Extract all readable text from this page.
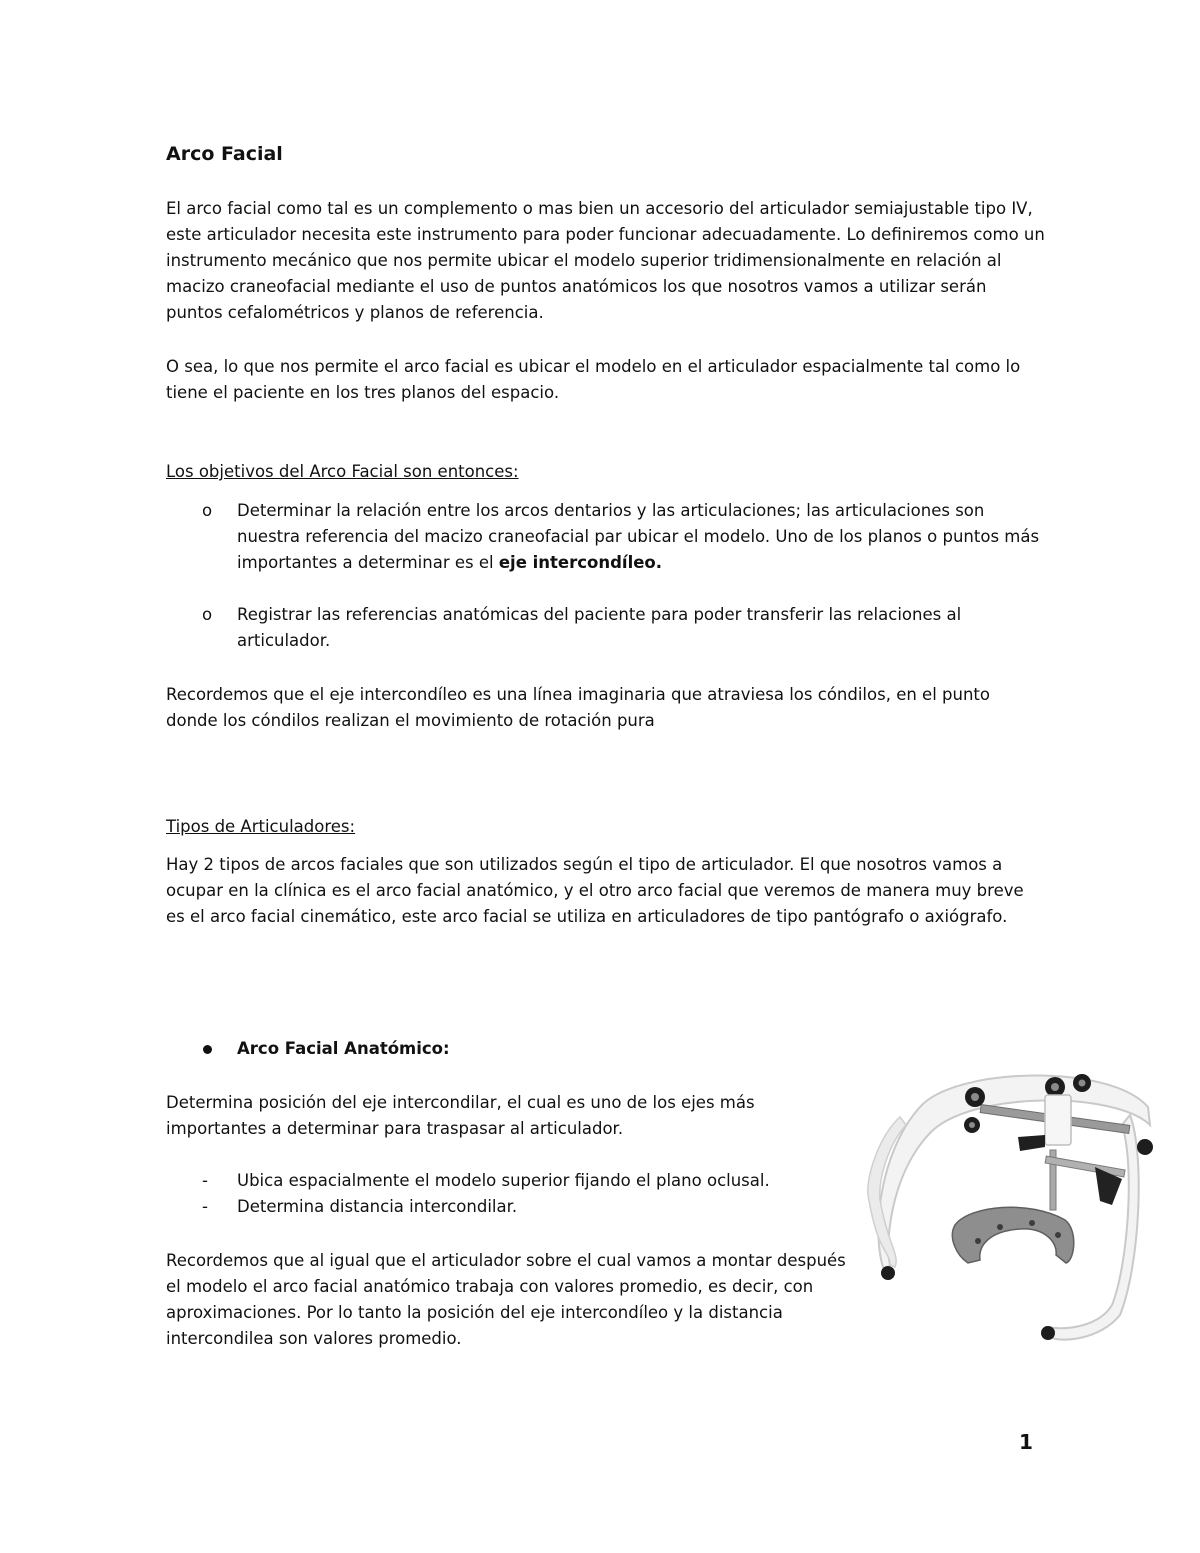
Arco Facial

El arco facial como tal es un complemento o mas bien un accesorio del articulador semiajustable tipo IV, este articulador necesita este instrumento para poder funcionar adecuadamente. Lo definiremos como un instrumento mecánico que nos permite ubicar el modelo superior tridimensionalmente en relación al macizo craneofacial mediante el uso de puntos anatómicos los que nosotros vamos a utilizar serán puntos cefalométricos y planos de referencia.

O sea, lo que nos permite el arco facial es ubicar el modelo en el articulador espacialmente tal como lo tiene el paciente en los tres planos del espacio.

Los objetivos del Arco Facial son entonces:

o Determinar la relación entre los arcos dentarios y las articulaciones; las articulaciones son nuestra referencia del macizo craneofacial par ubicar el modelo. Uno de los planos o puntos más importantes a determinar es el eje intercondíleo.
o Registrar las referencias anatómicas del paciente para poder transferir las relaciones al articulador.

Recordemos que el eje intercondíleo es una línea imaginaria que atraviesa los cóndilos, en el punto donde los cóndilos realizan el movimiento de rotación pura

Tipos de Articuladores:

Hay 2 tipos de arcos faciales que son utilizados según el tipo de articulador. El que nosotros vamos a ocupar en la clínica es el arco facial anatómico, y el otro arco facial que veremos de manera muy breve es el arco facial cinemático, este arco facial se utiliza en articuladores de tipo pantógrafo o axiógrafo.

Arco Facial Anatómico:

Determina posición del eje intercondilar, el cual es uno de los ejes más importantes a determinar para traspasar al articulador.

- Ubica espacialmente el modelo superior fijando el plano oclusal.
- Determina distancia intercondilar.

Recordemos que al igual que el articulador sobre el cual vamos a montar después el modelo el arco facial anatómico trabaja con valores promedio, es decir, con aproximaciones. Por lo tanto la posición del eje intercondíleo y la distancia intercondilea son valores promedio.

1
